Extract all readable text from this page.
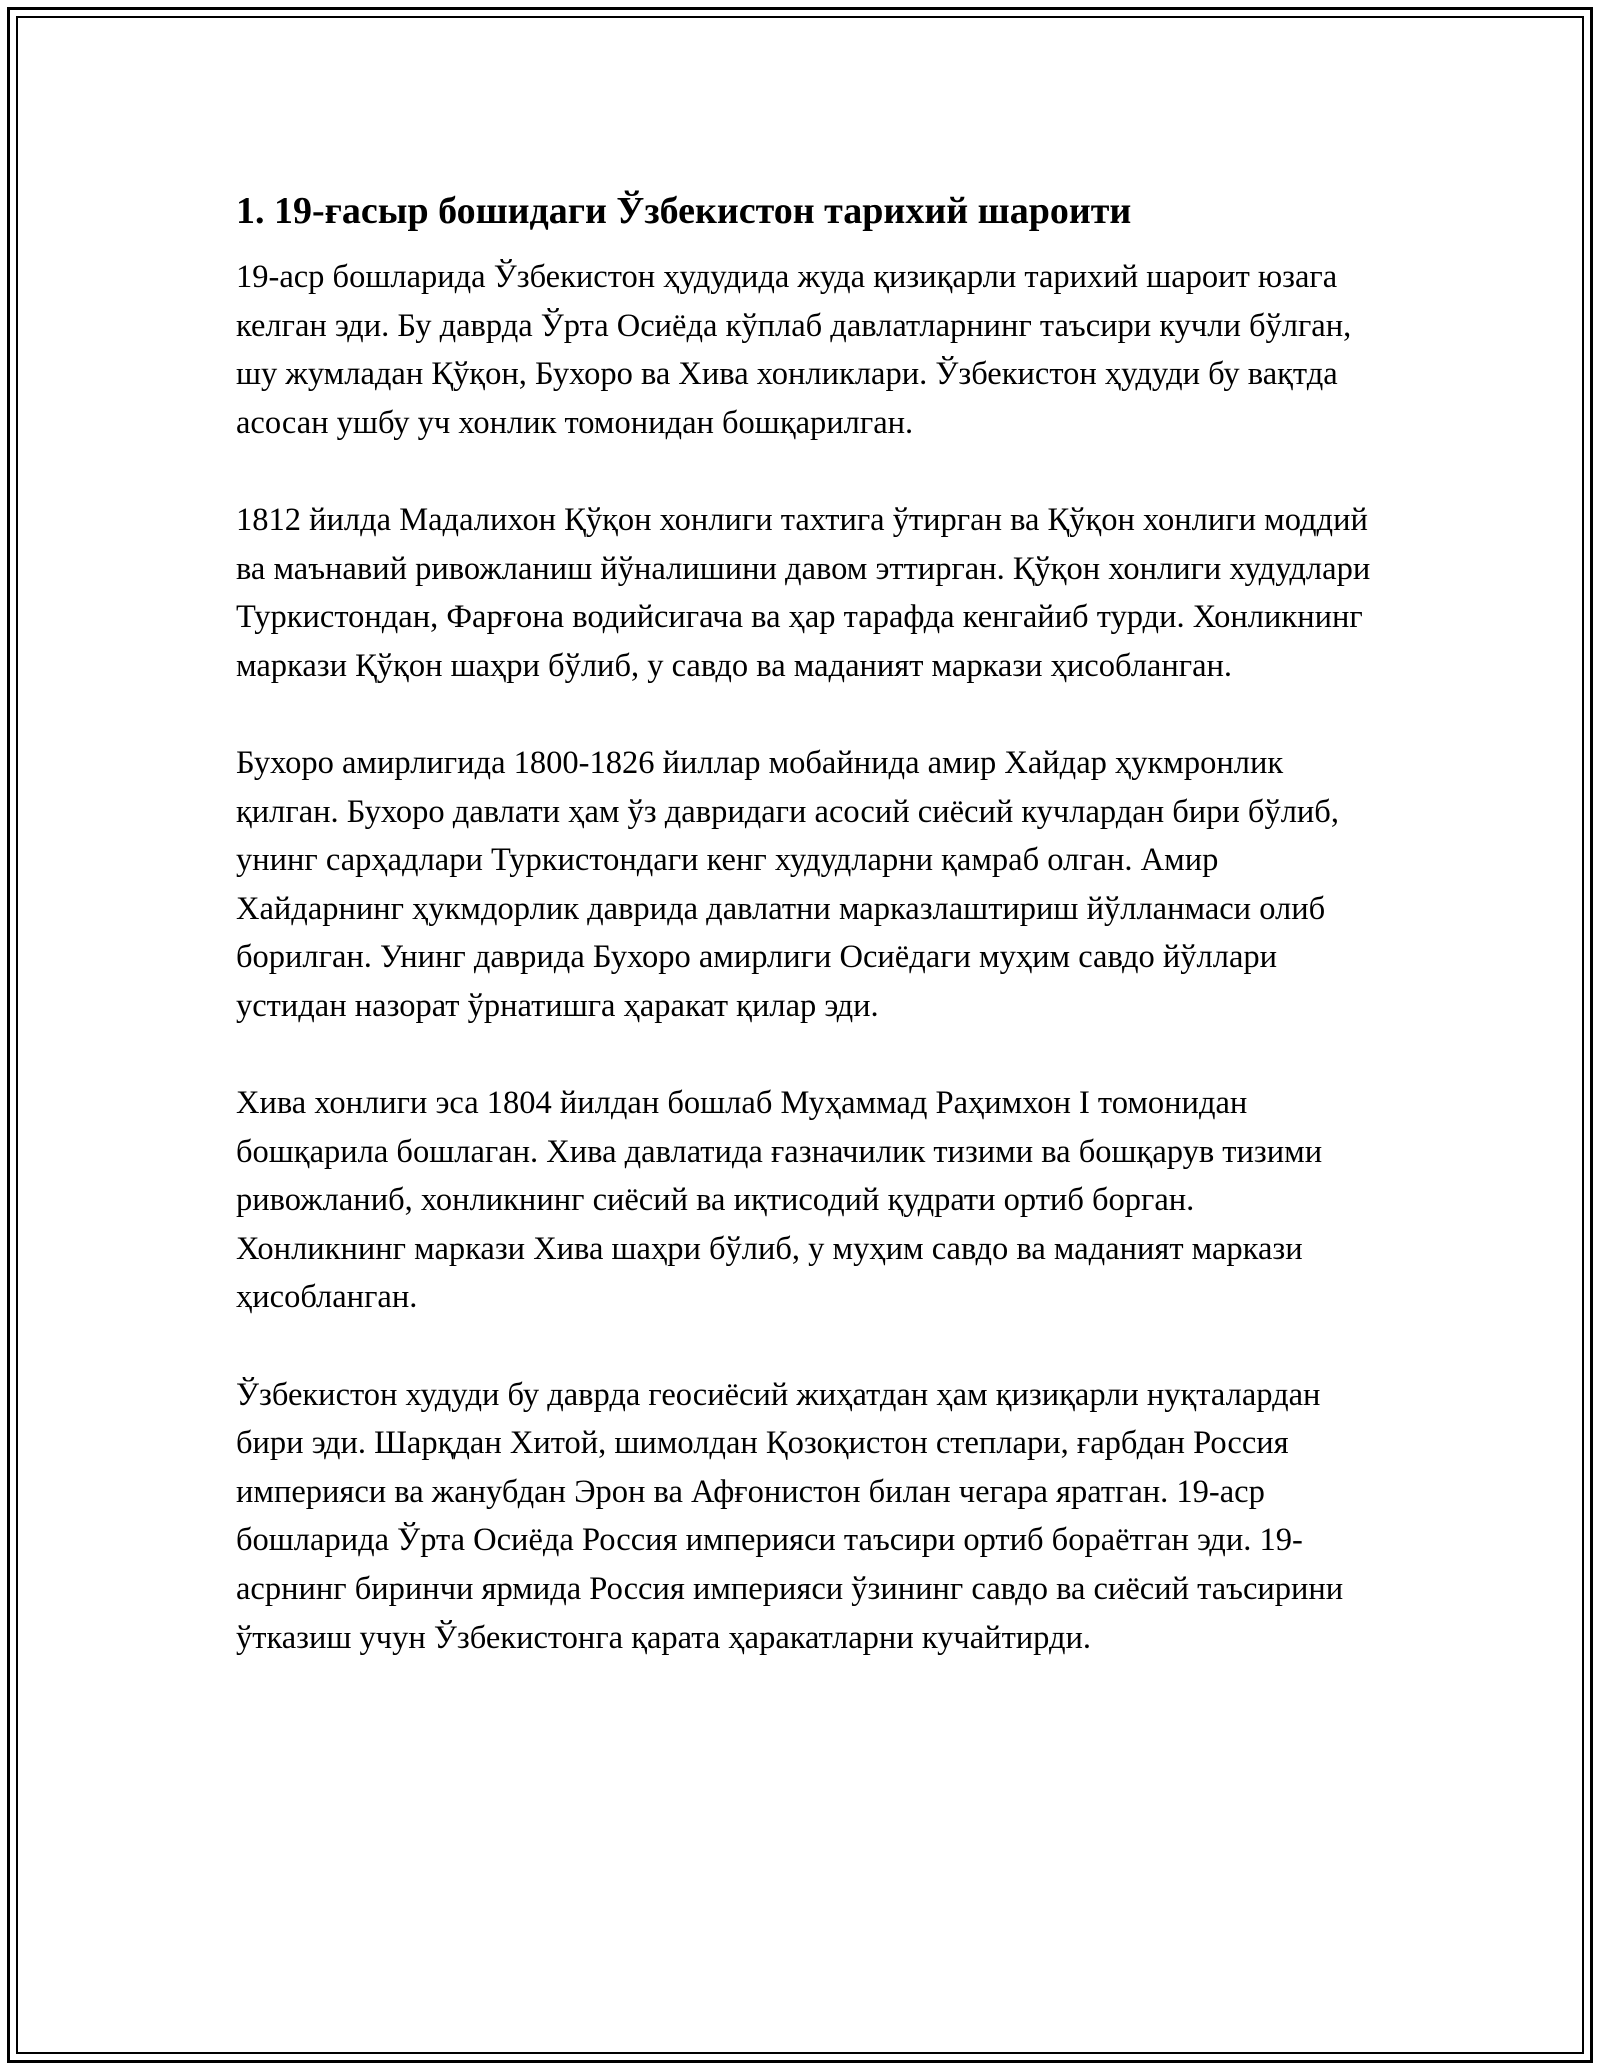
1. 19-ғасыр бошидаги Ўзбекистон тарихий шароити

19-аср бошларида Ўзбекистон ҳудудида жуда қизиқарли тарихий шароит юзага келган эди. Бу даврда Ўрта Осиёда кўплаб давлатларнинг таъсири кучли бўлган, шу жумладан Қўқон, Бухоро ва Хива хонликлари. Ўзбекистон ҳудуди бу вақтда асосан ушбу уч хонлик томонидан бошқарилган.

1812 йилда Мадалихон Қўқон хонлиги тахтига ўтирган ва Қўқон хонлиги моддий ва маънавий ривожланиш йўналишини давом эттирган. Қўқон хонлиги худудлари Туркистондан, Фарғона водийсигача ва ҳар тарафда кенгайиб турди. Хонликнинг маркази Қўқон шаҳри бўлиб, у савдо ва маданият маркази ҳисобланган.

Бухоро амирлигида 1800-1826 йиллар мобайнида амир Хайдар ҳукмронлик қилган. Бухоро давлати ҳам ўз давридаги асосий сиёсий кучлардан бири бўлиб, унинг сарҳадлари Туркистондаги кенг худудларни қамраб олган. Амир Хайдарнинг ҳукмдорлик даврида давлатни марказлаштириш йўлланмаси олиб борилган. Унинг даврида Бухоро амирлиги Осиёдаги муҳим савдо йўллари устидан назорат ўрнатишга ҳаракат қилар эди.

Хива хонлиги эса 1804 йилдан бошлаб Муҳаммад Раҳимхон I томонидан бошқарила бошлаган. Хива давлатида ғазначилик тизими ва бошқарув тизими ривожланиб, хонликнинг сиёсий ва иқтисодий қудрати ортиб борган. Хонликнинг маркази Хива шаҳри бўлиб, у муҳим савдо ва маданият маркази ҳисобланган.

Ўзбекистон худуди бу даврда геосиёсий жиҳатдан ҳам қизиқарли нуқталардан бири эди. Шарқдан Хитой, шимолдан Қозоқистон степлари, ғарбдан Россия империяси ва жанубдан Эрон ва Афғонистон билан чегара яратган. 19-аср бошларида Ўрта Осиёда Россия империяси таъсири ортиб бораётган эди. 19-асрнинг биринчи ярмида Россия империяси ўзининг савдо ва сиёсий таъсирини ўтказиш учун Ўзбекистонга қарата ҳаракатларни кучайтирди.
